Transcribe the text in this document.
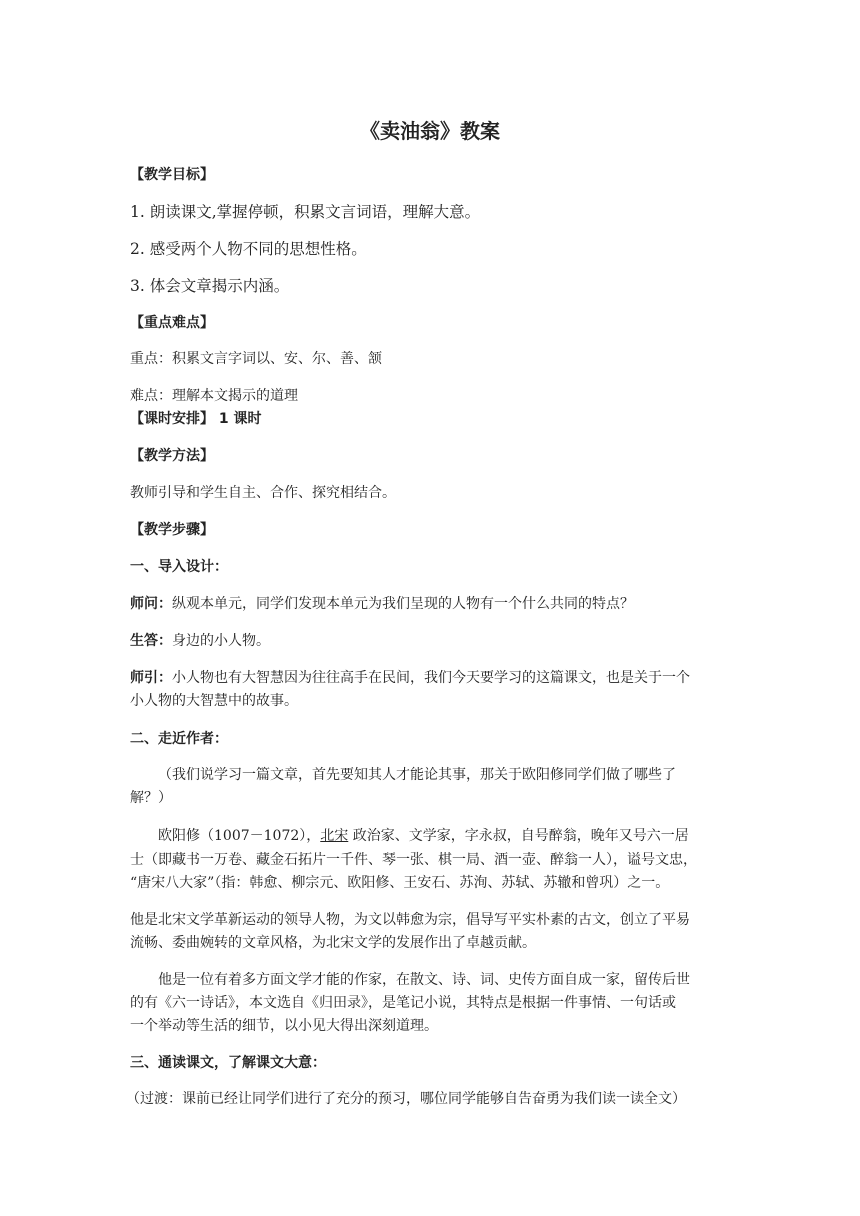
《卖油翁》教案
【教学目标】
1. 朗读课文,掌握停顿，积累文言词语，理解大意。
2. 感受两个人物不同的思想性格。
3. 体会文章揭示内涵。
【重点难点】
重点：积累文言字词以、安、尔、善、颔
难点：理解本文揭示的道理
【课时安排】 1 课时
【教学方法】
教师引导和学生自主、合作、探究相结合。
【教学步骤】
一、导入设计：
师问：纵观本单元，同学们发现本单元为我们呈现的人物有一个什么共同的特点？
生答：身边的小人物。
师引：小人物也有大智慧因为往往高手在民间，我们今天要学习的这篇课文，也是关于一个
小人物的大智慧中的故事。
二、走近作者：
（我们说学习一篇文章，首先要知其人才能论其事，那关于欧阳修同学们做了哪些了
解？）
欧阳修（1007－1072），北宋 政治家、文学家，字永叔，自号醉翁，晚年又号六一居
士（即藏书一万卷、藏金石拓片一千件、琴一张、棋一局、酒一壶、醉翁一人），谥号文忠，
“唐宋八大家”（指：韩愈、柳宗元、欧阳修、王安石、苏洵、苏轼、苏辙和曾巩）之一。
他是北宋文学革新运动的领导人物，为文以韩愈为宗，倡导写平实朴素的古文，创立了平易
流畅、委曲婉转的文章风格，为北宋文学的发展作出了卓越贡献。
他是一位有着多方面文学才能的作家，在散文、诗、词、史传方面自成一家，留传后世
的有《六一诗话》，本文选自《归田录》，是笔记小说，其特点是根据一件事情、一句话或
一个举动等生活的细节，以小见大得出深刻道理。
三、通读课文，了解课文大意：
（过渡：课前已经让同学们进行了充分的预习，哪位同学能够自告奋勇为我们读一读全文）
